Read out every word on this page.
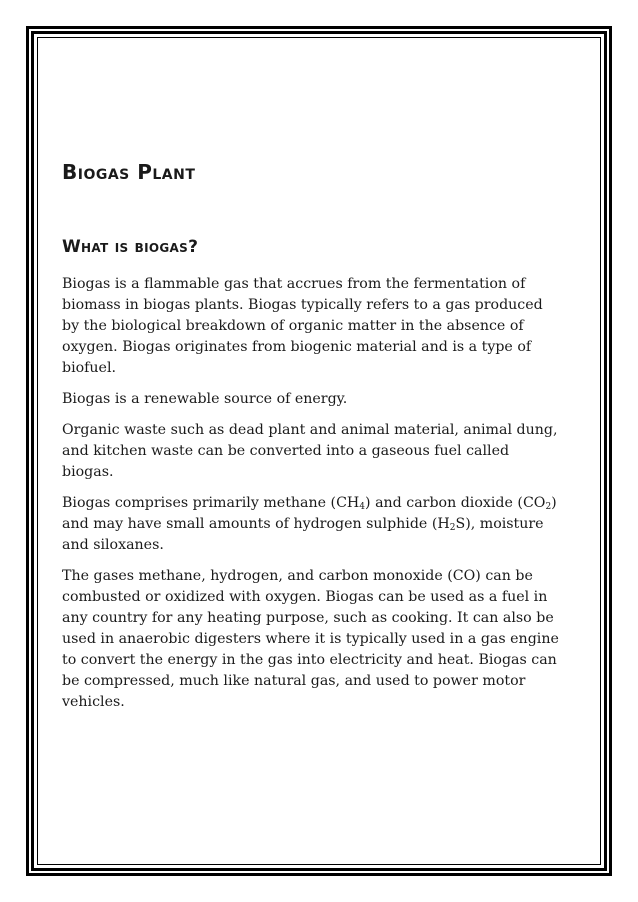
Biogas Plant
What is biogas?

Biogas is a flammable gas that accrues from the fermentation of biomass in biogas plants. Biogas typically refers to a gas produced by the biological breakdown of organic matter in the absence of oxygen. Biogas originates from biogenic material and is a type of biofuel.

Biogas is a renewable source of energy.

Organic waste such as dead plant and animal material, animal dung, and kitchen waste can be converted into a gaseous fuel called biogas.

Biogas comprises primarily methane $(CH_4)$ and carbon dioxide $(CO_2)$ and may have small amounts of hydrogen sulphide $(H_2S)$, moisture and siloxanes.

The gases methane, hydrogen, and carbon monoxide (CO) can be combusted or oxidized with oxygen. Biogas can be used as a fuel in any country for any heating purpose, such as cooking. It can also be used in anaerobic digesters where it is typically used in a gas engine to convert the energy in the gas into electricity and heat. Biogas can be compressed, much like natural gas, and used to power motor vehicles.
